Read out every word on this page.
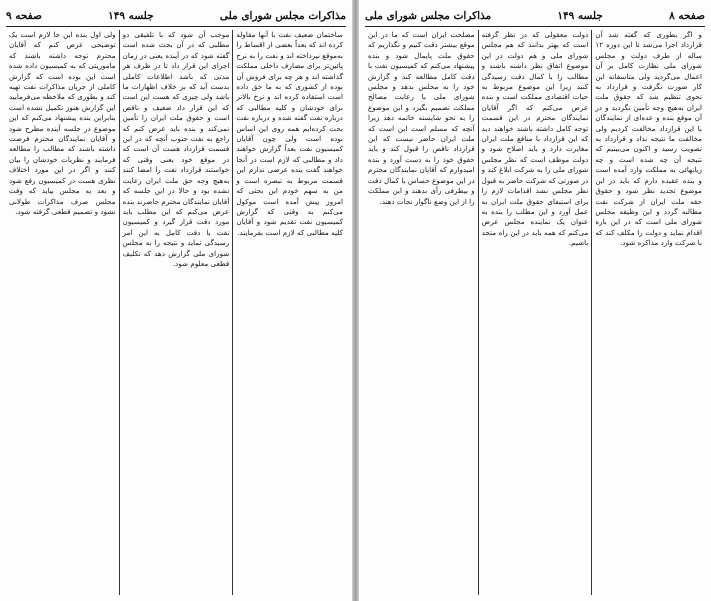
مذاکرات مجلس شورای ملی
جلسه ۱۴۹
صفحه ۹
ساختمان ضعیف نفت با آنها مقاوله کرده اند که بعداً بعضی از اقساط را به‌موقع نپرداخته اند و نفت را به نرخ پائین‌تر برای مصارف داخلی مملکت گذاشته اند و هر چه برای فروش آن بوده از کشوری که به ما حق داده است استفاده کرده اند و نرخ بالاتر برای خودشان و کلیه مطالبی که درباره نفت گفته شده و درباره نفت بحث کرده‌ایم همه روی این اساس بوده است ولی چون آقایان کمیسیون نفت بعداً گزارش خواهند داد و مطالبی که لازم است در آنجا خواهند گفت بنده عرضی ندارم این قسمت مربوط به تبصره است و من به سهم خودم این بحثی که امروز پیش آمده است موکول می‌کنم به وقتی که گزارش کمیسیون نفت تقدیم شود و آقایان کلیه مطالبی که لازم است بفرمایند.
موجب آن شود که با تلفیقی دو مطلبی که در آن بحث شده است گفته شود که در آینده یعنی در زمان اجرای این قرار داد تا در ظرف هر مدتی که باشد اطلاعات کاملی بدست آید که بر خلاف اظهارات ما باشد ولی چیزی که هست این است که این قرار داد ضعیف و ناقص است و حقوق ملت ایران را تأمین نمی‌کند و بنده باید عرض کنم که راجع به نفت جنوب آنچه که در این قسمت قرارداد هست آن است که در موقع خود یعنی وقتی که خواستند قرارداد نفت را امضا کنند به‌هیچ وجه حق ملت ایران رعایت نشده بود و حالا در این جلسه که آقایان نمایندگان محترم حاضرند بنده عرض می‌کنم که این مطلب باید مورد دقت قرار گیرد و کمیسیون نفت با دقت کامل به این امر رسیدگی نماید و نتیجه را به مجلس شورای ملی گزارش دهد که تکلیف قطعی معلوم شود.
ولی اول بنده این جا لازم است یک توضیحی عرض کنم که آقایان محترم توجه داشته باشند که ماموریتی که به کمیسیون داده شده است این بوده است که گزارش کاملی از جریان مذاکرات نفت تهیه کند و بطوری که ملاحظه می‌فرمایید این گزارش هنوز تکمیل نشده است بنابراین بنده پیشنهاد می‌کنم که این موضوع در جلسه آینده مطرح شود و آقایان نمایندگان محترم فرصت داشته باشند که مطالب را مطالعه فرمایند و نظریات خودشان را بیان کنند و اگر در این مورد اختلاف نظری هست در کمیسیون رفع شود و بعد به مجلس بیاید که وقت مجلس صرف مذاکرات طولانی نشود و تصمیم قطعی گرفته شود.
صفحه ۸
جلسه ۱۴۹
مذاکرات مجلس شورای ملی
و اگر بطوری که گفته شد آن قرارداد اجرا می‌شد تا این دوره ۱۲ ساله از طرف دولت و مجلس شورای ملی نظارت کامل بر آن اعمال می‌گردید ولی متاسفانه این کار صورت نگرفت و قرارداد به نحوی تنظیم شد که حقوق ملت ایران به‌هیچ وجه تأمین نگردید و در آن موقع بنده و عده‌ای از نمایندگان با این قرارداد مخالفت کردیم ولی مخالفت ما نتیجه نداد و قرارداد به تصویب رسید و اکنون می‌بینیم که نتیجه آن چه شده است و چه زیانهائی به مملکت وارد آمده است و بنده عقیده دارم که باید در این موضوع تجدید نظر شود و حقوق حقه ملت ایران از شرکت نفت مطالبه گردد و این وظیفه مجلس شورای ملی است که در این باره اقدام نماید و دولت را مکلف کند که با شرکت وارد مذاکره شود.
دولت معقولی که در نظر گرفته است که بهتر بدانند که هم مجلس شورای ملی و هم دولت در این موضوع اتفاق نظر داشته باشند و مطالب را با کمال دقت رسیدگی کنند زیرا این موضوع مربوط به حیات اقتصادی مملکت است و بنده عرض می‌کنم که اگر آقایان نمایندگان محترم در این قسمت توجه کامل داشته باشند خواهند دید که این قرارداد با منافع ملت ایران مغایرت دارد و باید اصلاح شود و دولت موظف است که نظر مجلس شورای ملی را به شرکت ابلاغ کند و در صورتی که شرکت حاضر به قبول نظر مجلس نشد اقدامات لازم را برای استیفای حقوق ملت ایران به عمل آورد و این مطلب را بنده به عنوان یک نماینده مجلس عرض می‌کنم که همه باید در این راه متحد باشیم.
مصلحت ایران است که ما در این موقع بیشتر دقت کنیم و نگذاریم که حقوق ملت پایمال شود و بنده پیشنهاد می‌کنم که کمیسیون نفت با دقت کامل مطالعه کند و گزارش خود را به مجلس بدهد و مجلس شورای ملی با رعایت مصالح مملکت تصمیم بگیرد و این موضوع را به نحو شایسته خاتمه دهد زیرا آنچه که مسلم است این است که ملت ایران حاضر نیست که این قرارداد ناقص را قبول کند و باید حقوق خود را به دست آورد و بنده امیدوارم که آقایان نمایندگان محترم در این موضوع حساس با کمال دقت و بیطرفی رأی بدهند و این مملکت را از این وضع ناگوار نجات دهند.
